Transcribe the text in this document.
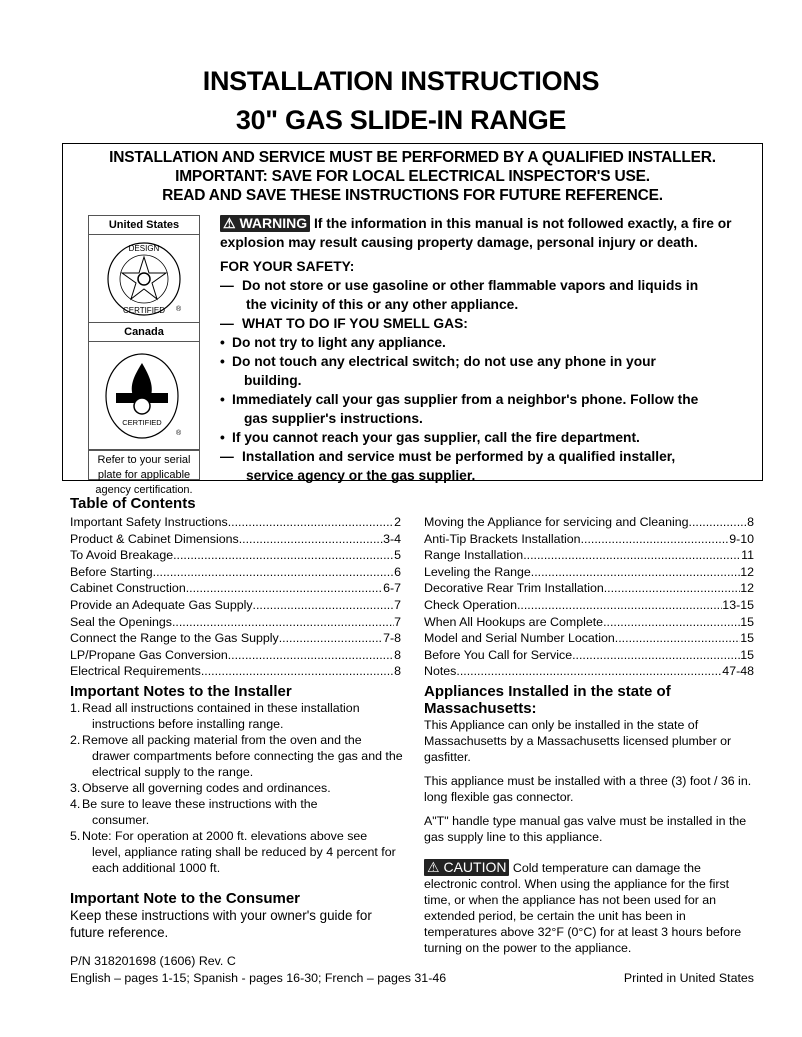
INSTALLATION INSTRUCTIONS
30" GAS SLIDE-IN RANGE
INSTALLATION AND SERVICE MUST BE PERFORMED BY A QUALIFIED INSTALLER.
IMPORTANT: SAVE FOR LOCAL ELECTRICAL INSPECTOR'S USE.
READ AND SAVE THESE INSTRUCTIONS FOR FUTURE REFERENCE.
United States
DESIGN
CERTIFIED ®
Canada
CERTIFIED
®
Refer to your serial plate for applicable agency certification.

⚠ WARNING If the information in this manual is not followed exactly, a fire or explosion may result causing property damage, personal injury or death.

FOR YOUR SAFETY:

— Do not store or use gasoline or other flammable vapors and liquids in
the vicinity of this or any other appliance.
— WHAT TO DO IF YOU SMELL GAS:
• Do not try to light any appliance.
• Do not touch any electrical switch; do not use any phone in your
building.
• Immediately call your gas supplier from a neighbor's phone. Follow the
gas supplier's instructions.
• If you cannot reach your gas supplier, call the fire department.
— Installation and service must be performed by a qualified installer,
service agency or the gas supplier.
Table of Contents
Important Safety Instructions .....	2
Product & Cabinet Dimensions .....	3-4
To Avoid Breakage .....	5
Before Starting .....	6
Cabinet Construction .....	6-7
Provide an Adequate Gas Supply .....	7
Seal the Openings .....	7
Connect the Range to the Gas Supply .....	7-8
LP/Propane Gas Conversion .....	8
Electrical Requirements .....	8
Moving the Appliance for servicing and Cleaning .....	8
Anti-Tip Brackets Installation .....	9-10
Range Installation .....	11
Leveling the Range .....	12
Decorative Rear Trim Installation .....	12
Check Operation .....	13-15
When All Hookups are Complete .....	15
Model and Serial Number Location .....	15
Before You Call for Service .....	15
Notes .....	47-48
Important Notes to the Installer
1. Read all instructions contained in these installation
instructions before installing range.
2. Remove all packing material from the oven and the
drawer compartments before connecting the gas and the electrical supply to the range.
3. Observe all governing codes and ordinances.
4. Be sure to leave these instructions with the
consumer.
5. Note: For operation at 2000 ft. elevations above see
level, appliance rating shall be reduced by 4 percent for each additional 1000 ft.
Important Note to the Consumer
Keep these instructions with your owner's guide for future reference.
Appliances Installed in the state of Massachusetts:
This Appliance can only be installed in the state of Massachusetts by a Massachusetts licensed plumber or gasfitter.
This appliance must be installed with a three (3) foot / 36 in. long flexible gas connector.
A"T" handle type manual gas valve must be installed in the gas supply line to this appliance.
⚠ CAUTION Cold temperature can damage the electronic control. When using the appliance for the first time, or when the appliance has not been used for an extended period, be certain the unit has been in temperatures above 32°F (0°C) for at least 3 hours before turning on the power to the appliance.
P/N 318201698 (1606) Rev. C
English – pages 1-15; Spanish - pages 16-30; French – pages 31-46	Printed in United States
